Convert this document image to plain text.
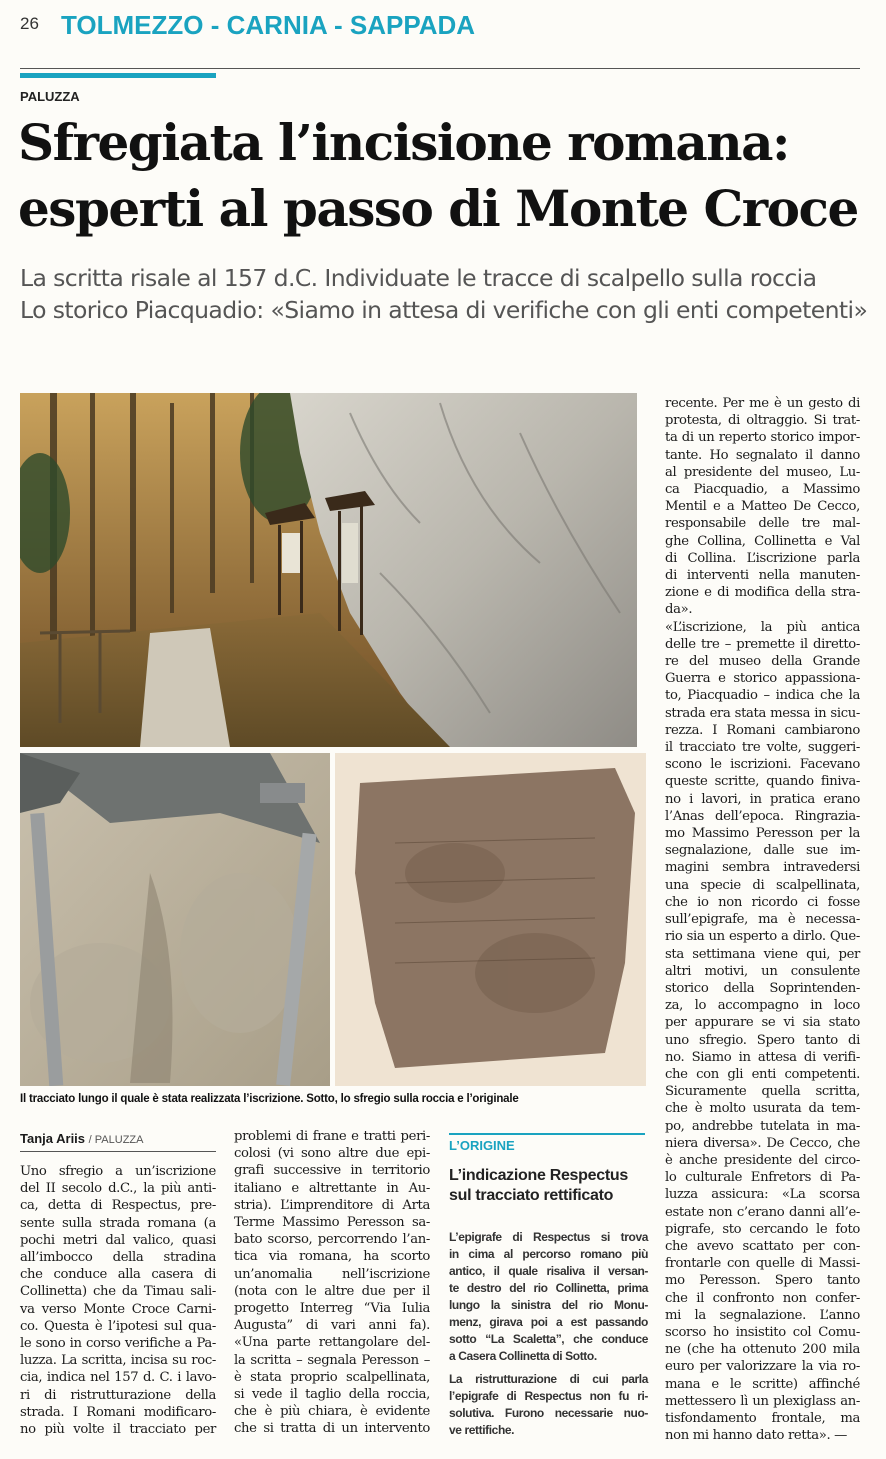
26 TOLMEZZO - CARNIA - SAPPADA
PALUZZA
Sfregiata l’incisione romana:
esperti al passo di Monte Croce
La scritta risale al 157 d.C. Individuate le tracce di scalpello sulla roccia
Lo storico Piacquadio: «Siamo in attesa di verifiche con gli enti competenti»
Il tracciato lungo il quale è stata realizzata l’iscrizione. Sotto, lo sfregio sulla roccia e l’originale
Tanja Ariis / PALUZZA
Uno sfregio a un’iscrizione
del II secolo d.C., la più anti-
ca, detta di Respectus, pre-
sente sulla strada romana (a
pochi metri dal valico, quasi
all’imbocco della stradina
che conduce alla casera di
Collinetta) che da Timau sali-
va verso Monte Croce Carni-
co. Questa è l’ipotesi sul qua-
le sono in corso verifiche a Pa-
luzza. La scritta, incisa su roc-
cia, indica nel 157 d. C. i lavo-
ri di ristrutturazione della
strada. I Romani modificaro-
no più volte il tracciato per
problemi di frane e tratti peri-
colosi (vi sono altre due epi-
grafi successive in territorio
italiano e altrettante in Au-
stria). L’imprenditore di Arta
Terme Massimo Peresson sa-
bato scorso, percorrendo l’an-
tica via romana, ha scorto
un’anomalia nell’iscrizione
(nota con le altre due per il
progetto Interreg “Via Iulia
Augusta” di vari anni fa).
«Una parte rettangolare del-
la scritta – segnala Peresson –
è stata proprio scalpellinata,
si vede il taglio della roccia,
che è più chiara, è evidente
che si tratta di un intervento
recente. Per me è un gesto di
protesta, di oltraggio. Si trat-
ta di un reperto storico impor-
tante. Ho segnalato il danno
al presidente del museo, Lu-
ca Piacquadio, a Massimo
Mentil e a Matteo De Cecco,
responsabile delle tre mal-
ghe Collina, Collinetta e Val
di Collina. L’iscrizione parla
di interventi nella manuten-
zione e di modifica della stra-
da».
«L’iscrizione, la più antica
delle tre – premette il diretto-
re del museo della Grande
Guerra e storico appassiona-
to, Piacquadio – indica che la
strada era stata messa in sicu-
rezza. I Romani cambiarono
il tracciato tre volte, suggeri-
scono le iscrizioni. Facevano
queste scritte, quando finiva-
no i lavori, in pratica erano
l’Anas dell’epoca. Ringrazia-
mo Massimo Peresson per la
segnalazione, dalle sue im-
magini sembra intravedersi
una specie di scalpellinata,
che io non ricordo ci fosse
sull’epigrafe, ma è necessa-
rio sia un esperto a dirlo. Que-
sta settimana viene qui, per
altri motivi, un consulente
storico della Soprintenden-
za, lo accompagno in loco
per appurare se vi sia stato
uno sfregio. Spero tanto di
no. Siamo in attesa di verifi-
che con gli enti competenti.
Sicuramente quella scritta,
che è molto usurata da tem-
po, andrebbe tutelata in ma-
niera diversa». De Cecco, che
è anche presidente del circo-
lo culturale Enfretors di Pa-
luzza assicura: «La scorsa
estate non c’erano danni all’e-
pigrafe, sto cercando le foto
che avevo scattato per con-
frontarle con quelle di Massi-
mo Peresson. Spero tanto
che il confronto non confer-
mi la segnalazione. L’anno
scorso ho insistito col Comu-
ne (che ha ottenuto 200 mila
euro per valorizzare la via ro-
mana e le scritte) affinché
mettessero lì un plexiglass an-
tisfondamento frontale, ma
non mi hanno dato retta». —
L’ORIGINE
L’indicazione Respectus
sul tracciato rettificato
L’epigrafe di Respectus si trova
in cima al percorso romano più
antico, il quale risaliva il versan-
te destro del rio Collinetta, prima
lungo la sinistra del rio Monu-
menz, girava poi a est passando
sotto “La Scaletta”, che conduce
a Casera Collinetta di Sotto.
La ristrutturazione di cui parla
l’epigrafe di Respectus non fu ri-
solutiva. Furono necessarie nuo-
ve rettifiche.
